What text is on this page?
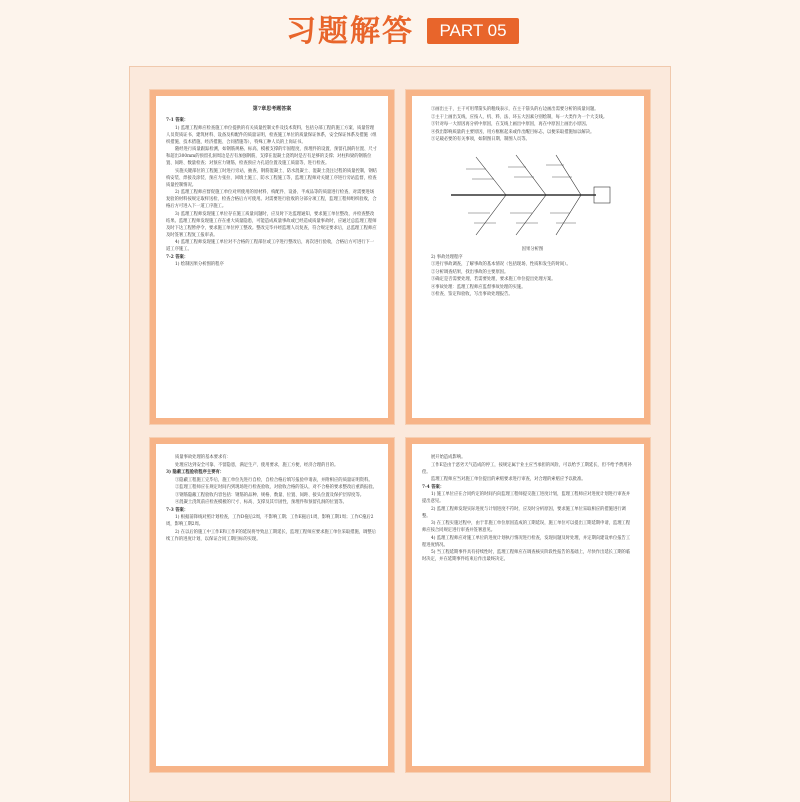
习题解答	PART 05

第7章思考题答案

7-1 答案：

1) 监理工程师应检查施工单位提供的有关质量控制文件及技术资料，包括分部工程的施工方案、质量管理人员资质证书、建筑材料、设备及构配件的质量证明，检查施工单位的质量保证体系，安全保证体系及措施（组织措施、技术措施、经济措施、合同措施等），特殊工种人员的上岗证书。

随经进行质量跟踪检测，如钢筋规格、标高、模板支撑的牢固程度、预埋件的设置、预留孔洞的位置、尺寸和超出300mm的预留孔洞周边是否有加强钢筋，支撑在混凝土浇筑时是否有足够的支撑；对柱和梁的钢筋位置、间距、数量检查；对预应力钢筋，检查预应力孔道位置及施工质量等，进行检查。

实施关键部位的工程施工时进行旁站，抽查、钢筋混凝土、防水混凝土、混凝土浇注过程的质量控制，钢结构安装、焊接及涂装、预应力张拉、回填土施工、防水工程施工等，监理工程师对关键工序进行旁站监督，检查质量控制情况。

2) 监理工程师应督促施工单位对所使用的原材料、构配件、设备、半成品等的质量进行检查，对需要进场复验的材料按规定取样送检，检查合格后方可使用。对需要进行验收的分部分项工程，监理工程师组织验收，合格后方可进入下一道工序施工。

3) 监理工程师发现施工单位存在施工质量问题时，应及时下达监理通知，要求施工单位整改，并检查整改结果。监理工程师发现施工存在重大质量隐患，可能造成质量事故或已经造成质量事故时，应通过总监理工程师及时下达工程暂停令，要求施工单位停工整改。整改完毕并经监理人员复查，符合规定要求后，总监理工程师应及时签署工程复工报审表。

4) 监理工程师发现施工单位对不合格的工程部位或工序进行整改后，再次进行验收，合格后方可进行下一道工序施工。

7-2 答案：

1) 绘制因果分析图的程序

①画出主干，主干可用带箭头的粗线表示，在主干箭头的右边画出需要分析的质量问题。

②主干上画出支线，应按人、机、料、法、环五大因素分别绘制，每一大类作为一个大支线。

③针对每一大原因再分析中原因，在支线上画出中原因，再在中原因上画出小原因。

④找出影响质量的主要原因，用方框框起来或作出醒目标志，以便采取措施加以解决。

⑤记载必要的有关事项，如制图日期、制图人员等。

因果分析图

2) 事故处理程序

①进行事故调查，了解事故的基本情况（包括现场、性质和发生的时间）。

②分析调查结果，找出事故的主要原因。

③确定是否需要处理，若需要处理，要求施工单位提出处理方案。

④事故处理：监理工程师应监督事故处理的实施。

⑤检查、鉴定和验收，写出事故处理报告。

质量事故处理的基本要求有：

处理应达到安全可靠、不留隐患，满足生产、使用要求，施工方便，经济合理的目的。

3) 隐蔽工程验收程序主要有：

①隐蔽工程施工完毕后，施工单位先进行自检，自检合格后填写报验申请表，并附相应的质量证明资料。

②监理工程师应在规定时间内到现场进行检查验收，对验收合格的签认，对不合格的要求整改后重新报验。

③钢筋隐蔽工程验收内容包括：钢筋的品种、规格、数量、位置、间距、接头位置及保护层厚度等。

④混凝土浇筑前应检查模板的尺寸、标高、支撑及其牢固性，预埋件和预留孔洞的位置等。

7-3 答案：

1) 根据前锋线对照计划检查，工作D拖后2周，不影响工期；工作E拖后1周，影响工期1周；工作C拖后2周，影响工期2周。

2) 在以后的施工中工作E和工作F的延误将导致总工期延长，监理工程师应要求施工单位采取措施，调整后续工作的进度计划，以保证合同工期目标的实现。

展开始造成影响。

工作E是由于恶劣天气造成的停工，按规定属于业主应当承担的风险，可以给予工期延长，但不给予费用补偿。

监理工程师应当对施工单位提出的索赔要求进行审查，对合理的索赔应予以批准。

7-4 答案：

1) 施工单位应在合同约定的时间内向监理工程师提交施工进度计划，监理工程师应对进度计划进行审查并提出意见。

2) 监理工程师发现实际进度与计划进度不符时，应及时分析原因，要求施工单位采取相应的措施进行调整。

3) 在工程实施过程中，由于非施工单位原因造成的工期延误，施工单位可以提出工期延期申请，监理工程师应按合同规定进行审查并签署意见。

4) 监理工程师应对施工单位的进度计划执行情况进行检查，发现问题及时处理，并定期向建设单位报告工程进度情况。

5) 当工程延期事件具有持续性时，监理工程师应在调查核实阶段性报告的基础上，尽快作出延长工期的临时决定，并在延期事件结束后作出最终决定。
